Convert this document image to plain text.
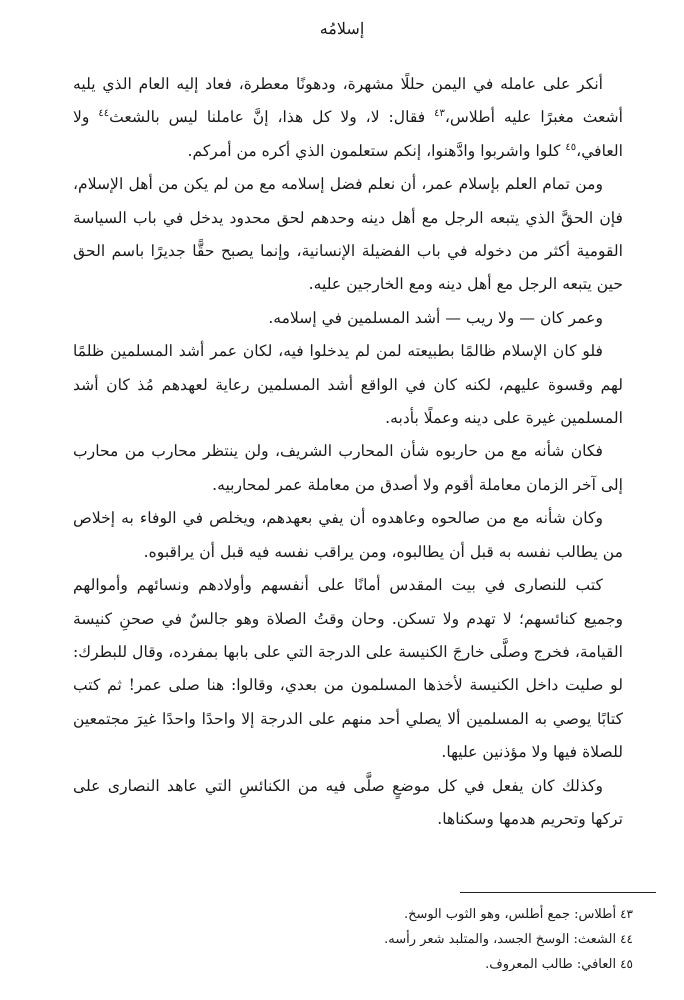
إسلامُه

أنكر على عامله في اليمن حللًا مشهرة، ودهونًا معطرة، فعاد إليه العام الذي يليه أشعث مغبرًا عليه أطلاس،$^{٤٣}$ فقال: لا، ولا كل هذا، إنَّ عاملنا ليس بالشعث$^{٤٤}$ ولا العافي،$^{٤٥}$ كلوا واشربوا وادَّهنوا، إنكم ستعلمون الذي أكره من أمركم.

ومن تمام العلم بإسلام عمر، أن نعلم فضل إسلامه مع من لم يكن من أهل الإسلام، فإن الحقَّ الذي يتبعه الرجل مع أهل دينه وحدهم لحق محدود يدخل في باب السياسة القومية أكثر من دخوله في باب الفضيلة الإنسانية، وإنما يصبح حقًّا جديرًا باسم الحق حين يتبعه الرجل مع أهل دينه ومع الخارجين عليه.

وعمر كان — ولا ريب — أشد المسلمين في إسلامه.

فلو كان الإسلام ظالمًا بطبيعته لمن لم يدخلوا فيه، لكان عمر أشد المسلمين ظلمًا لهم وقسوة عليهم، لكنه كان في الواقع أشد المسلمين رعاية لعهدهم مُذ كان أشد المسلمين غيرة على دينه وعملًا بأدبه.

فكان شأنه مع من حاربوه شأن المحارب الشريف، ولن ينتظر محارب من محارب إلى آخر الزمان معاملة أقوم ولا أصدق من معاملة عمر لمحاربيه.

وكان شأنه مع من صالحوه وعاهدوه أن يفي بعهدهم، ويخلص في الوفاء به إخلاص من يطالب نفسه به قبل أن يطالبوه، ومن يراقب نفسه فيه قبل أن يراقبوه.

كتب للنصارى في بيت المقدس أمانًا على أنفسهم وأولادهم ونسائهم وأموالهم وجميع كنائسهم؛ لا تهدم ولا تسكن. وحان وقتُ الصلاة وهو جالسٌ في صحنِ كنيسة القيامة، فخرج وصلَّى خارجَ الكنيسة على الدرجة التي على بابها بمفرده، وقال للبطرك: لو صليت داخل الكنيسة لأخذها المسلمون من بعدي، وقالوا: هنا صلى عمر! ثم كتب كتابًا يوصي به المسلمين ألا يصلي أحد منهم على الدرجة إلا واحدًا واحدًا غيرَ مجتمعين للصلاة فيها ولا مؤذنين عليها.

وكذلك كان يفعل في كل موضعٍ صلَّى فيه من الكنائسِ التي عاهد النصارى على تركها وتحريم هدمها وسكناها.

٤٣أطلاس: جمع أطلس، وهو الثوب الوسخ.

٤٤الشعث: الوسخ الجسد، والمتلبد شعر رأسه.

٤٥العافي: طالب المعروف.
